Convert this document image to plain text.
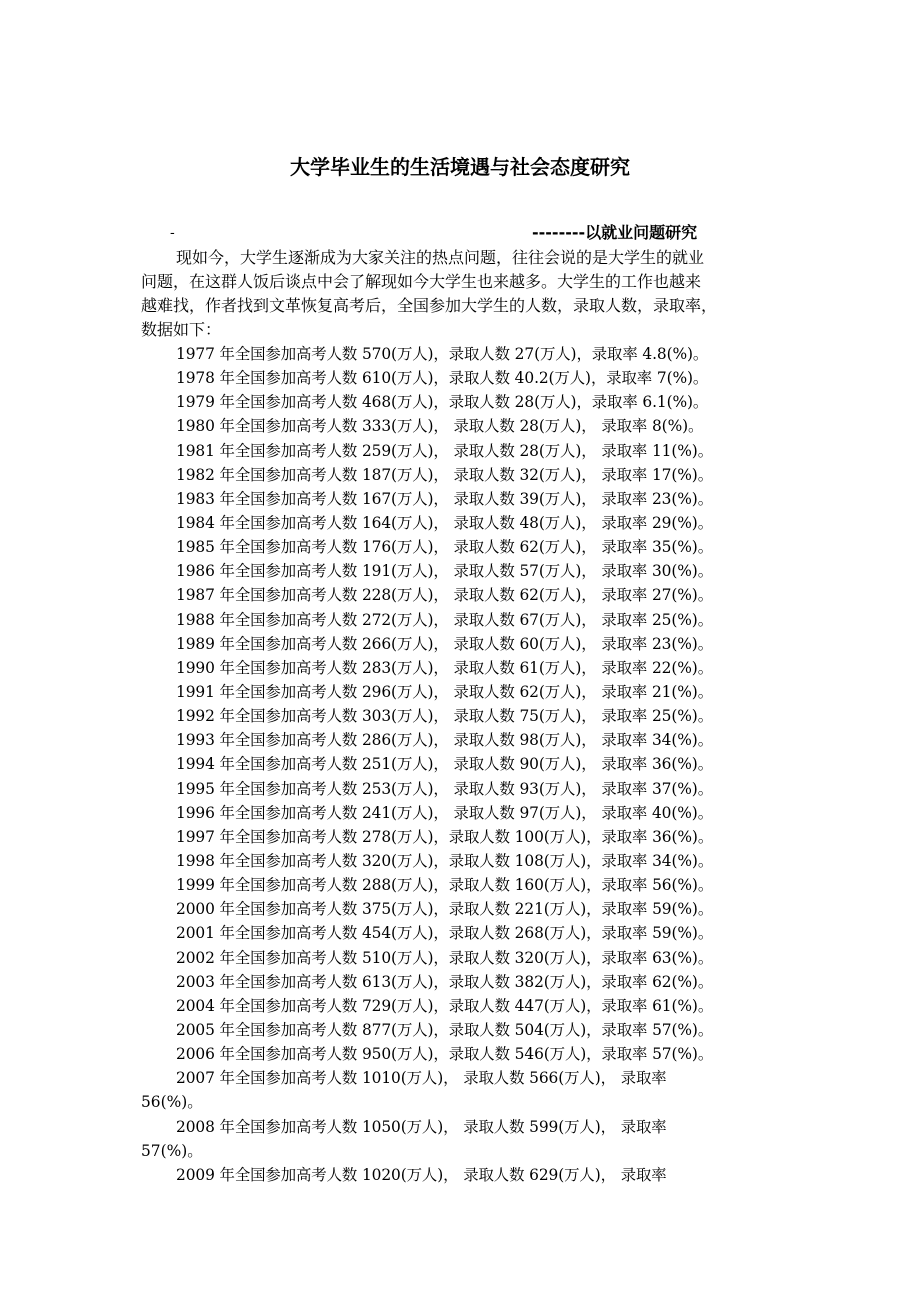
大学毕业生的生活境遇与社会态度研究
-	--------以就业问题研究
现如今，大学生逐渐成为大家关注的热点问题，往往会说的是大学生的就业
问题，在这群人饭后谈点中会了解现如今大学生也来越多。大学生的工作也越来
越难找，作者找到文革恢复高考后，全国参加大学生的人数，录取人数，录取率，
数据如下：
1977 年全国参加高考人数 570(万人)，录取人数 27(万人)，录取率 4.8(%)。
1978 年全国参加高考人数 610(万人)，录取人数 40.2(万人)，录取率 7(%)。
1979 年全国参加高考人数 468(万人)，录取人数 28(万人)，录取率 6.1(%)。
1980 年全国参加高考人数 333(万人)， 录取人数 28(万人)， 录取率 8(%)。
1981 年全国参加高考人数 259(万人)， 录取人数 28(万人)， 录取率 11(%)。
1982 年全国参加高考人数 187(万人)， 录取人数 32(万人)， 录取率 17(%)。
1983 年全国参加高考人数 167(万人)， 录取人数 39(万人)， 录取率 23(%)。
1984 年全国参加高考人数 164(万人)， 录取人数 48(万人)， 录取率 29(%)。
1985 年全国参加高考人数 176(万人)， 录取人数 62(万人)， 录取率 35(%)。
1986 年全国参加高考人数 191(万人)， 录取人数 57(万人)， 录取率 30(%)。
1987 年全国参加高考人数 228(万人)， 录取人数 62(万人)， 录取率 27(%)。
1988 年全国参加高考人数 272(万人)， 录取人数 67(万人)， 录取率 25(%)。
1989 年全国参加高考人数 266(万人)， 录取人数 60(万人)， 录取率 23(%)。
1990 年全国参加高考人数 283(万人)， 录取人数 61(万人)， 录取率 22(%)。
1991 年全国参加高考人数 296(万人)， 录取人数 62(万人)， 录取率 21(%)。
1992 年全国参加高考人数 303(万人)， 录取人数 75(万人)， 录取率 25(%)。
1993 年全国参加高考人数 286(万人)， 录取人数 98(万人)， 录取率 34(%)。
1994 年全国参加高考人数 251(万人)， 录取人数 90(万人)， 录取率 36(%)。
1995 年全国参加高考人数 253(万人)， 录取人数 93(万人)， 录取率 37(%)。
1996 年全国参加高考人数 241(万人)， 录取人数 97(万人)， 录取率 40(%)。
1997 年全国参加高考人数 278(万人)，录取人数 100(万人)，录取率 36(%)。
1998 年全国参加高考人数 320(万人)，录取人数 108(万人)，录取率 34(%)。
1999 年全国参加高考人数 288(万人)，录取人数 160(万人)，录取率 56(%)。
2000 年全国参加高考人数 375(万人)，录取人数 221(万人)，录取率 59(%)。
2001 年全国参加高考人数 454(万人)，录取人数 268(万人)，录取率 59(%)。
2002 年全国参加高考人数 510(万人)，录取人数 320(万人)，录取率 63(%)。
2003 年全国参加高考人数 613(万人)，录取人数 382(万人)，录取率 62(%)。
2004 年全国参加高考人数 729(万人)，录取人数 447(万人)，录取率 61(%)。
2005 年全国参加高考人数 877(万人)，录取人数 504(万人)，录取率 57(%)。
2006 年全国参加高考人数 950(万人)，录取人数 546(万人)，录取率 57(%)。
2007 年全国参加高考人数 1010(万人)， 录取人数 566(万人)， 录取率
56(%)。
2008 年全国参加高考人数 1050(万人)， 录取人数 599(万人)， 录取率
57(%)。
2009 年全国参加高考人数 1020(万人)， 录取人数 629(万人)， 录取率
